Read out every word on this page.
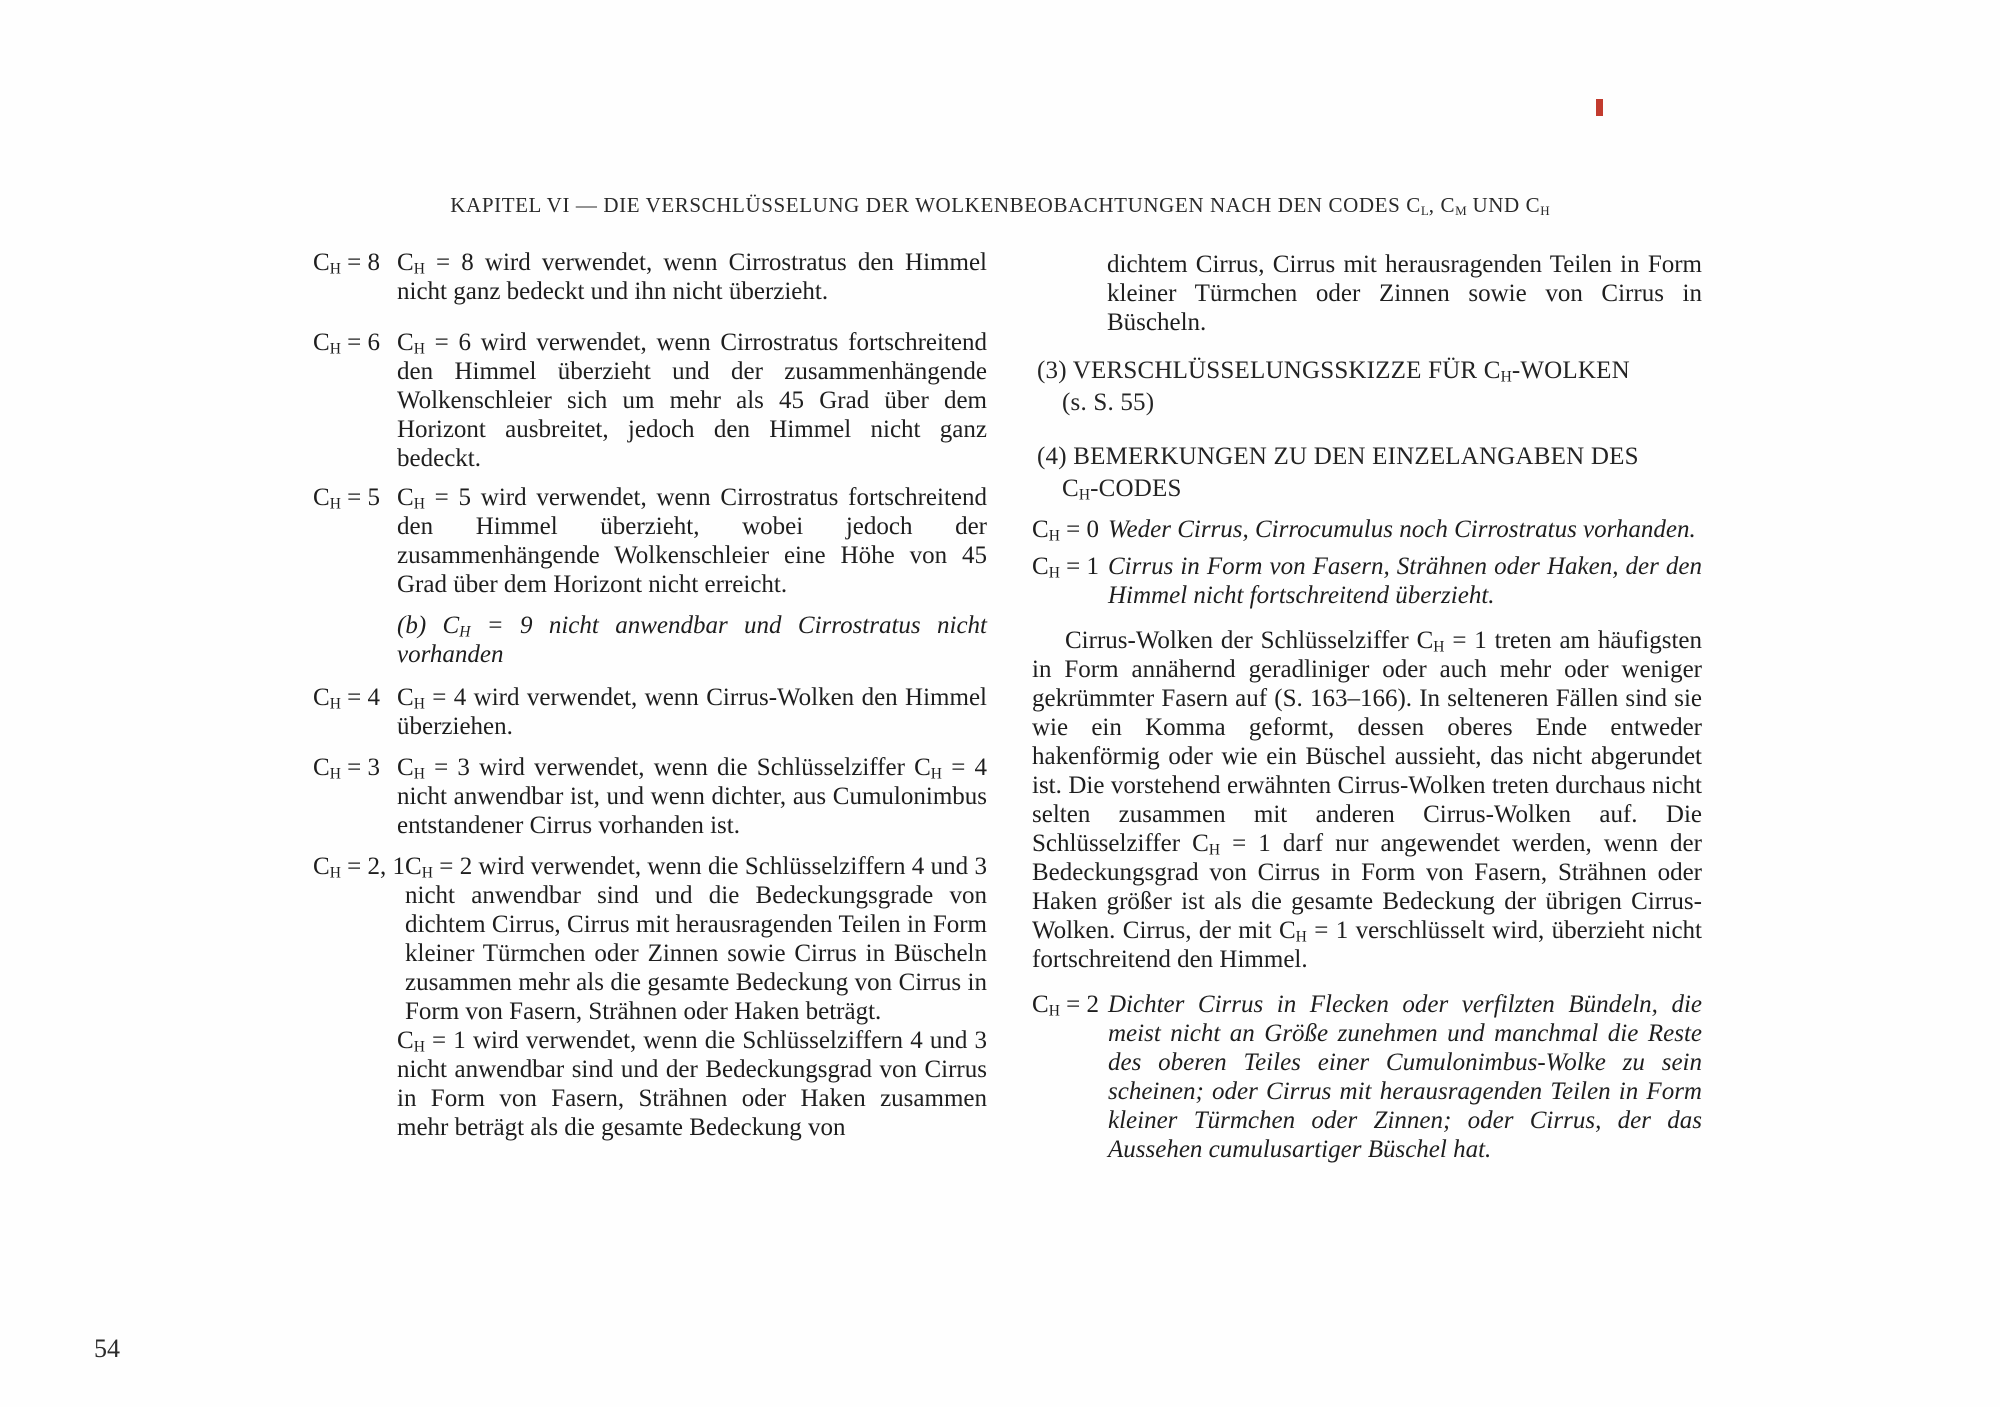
KAPITEL VI — DIE VERSCHLÜSSELUNG DER WOLKENBEOBACHTUNGEN NACH DEN CODES $C_L$, $C_M$ UND $C_H$
$C_H = 8$ $C_H = 8$ wird verwendet, wenn Cirrostratus den Himmel nicht ganz bedeckt und ihn nicht überzieht.
$C_H = 6$ $C_H = 6$ wird verwendet, wenn Cirrostratus fortschreitend den Himmel überzieht und der zusammenhängende Wolkenschleier sich um mehr als 45 Grad über dem Horizont ausbreitet, jedoch den Himmel nicht ganz bedeckt.
$C_H = 5$ $C_H = 5$ wird verwendet, wenn Cirrostratus fortschreitend den Himmel überzieht, wobei jedoch der zusammenhängende Wolkenschleier eine Höhe von 45 Grad über dem Horizont nicht erreicht.
(b) $C_H = 9$ nicht anwendbar und Cirrostratus nicht vorhanden
$C_H = 4$ $C_H = 4$ wird verwendet, wenn Cirrus-Wolken den Himmel überziehen.
$C_H = 3$ $C_H = 3$ wird verwendet, wenn die Schlüsselziffer $C_H = 4$ nicht anwendbar ist, und wenn dichter, aus Cumulonimbus entstandener Cirrus vorhanden ist.
$C_H = 2$, 1 $C_H = 2$ wird verwendet, wenn die Schlüsselziffern 4 und 3 nicht anwendbar sind und die Bedeckungsgrade von dichtem Cirrus, Cirrus mit herausragenden Teilen in Form kleiner Türmchen oder Zinnen sowie Cirrus in Büscheln zusammen mehr als die gesamte Bedeckung von Cirrus in Form von Fasern, Strähnen oder Haken beträgt.
$C_H = 1$ wird verwendet, wenn die Schlüsselziffern 4 und 3 nicht anwendbar sind und der Bedeckungsgrad von Cirrus in Form von Fasern, Strähnen oder Haken zusammen mehr beträgt als die gesamte Bedeckung von
dichtem Cirrus, Cirrus mit herausragenden Teilen in Form kleiner Türmchen oder Zinnen sowie von Cirrus in Büscheln.
(3) VERSCHLÜSSELUNGSSKIZZE FÜR $C_H$-WOLKEN
(s. S. 55)
(4) BEMERKUNGEN ZU DEN EINZELANGABEN DES
$C_H$-CODES
$C_H = 0$ Weder Cirrus, Cirrocumulus noch Cirrostratus vorhanden.
$C_H = 1$ Cirrus in Form von Fasern, Strähnen oder Haken, der den Himmel nicht fortschreitend überzieht.
Cirrus-Wolken der Schlüsselziffer $C_H = 1$ treten am häufigsten in Form annähernd geradliniger oder auch mehr oder weniger gekrümmter Fasern auf (S. 163–166). In selteneren Fällen sind sie wie ein Komma geformt, dessen oberes Ende entweder hakenförmig oder wie ein Büschel aussieht, das nicht abgerundet ist. Die vorstehend erwähnten Cirrus-Wolken treten durchaus nicht selten zusammen mit anderen Cirrus-Wolken auf. Die Schlüsselziffer $C_H = 1$ darf nur angewendet werden, wenn der Bedeckungsgrad von Cirrus in Form von Fasern, Strähnen oder Haken größer ist als die gesamte Bedeckung der übrigen Cirrus-Wolken. Cirrus, der mit $C_H = 1$ verschlüsselt wird, überzieht nicht fortschreitend den Himmel.
$C_H = 2$ Dichter Cirrus in Flecken oder verfilzten Bündeln, die meist nicht an Größe zunehmen und manchmal die Reste des oberen Teiles einer Cumulonimbus-Wolke zu sein scheinen; oder Cirrus mit herausragenden Teilen in Form kleiner Türmchen oder Zinnen; oder Cirrus, der das Aussehen cumulusartiger Büschel hat.
54
